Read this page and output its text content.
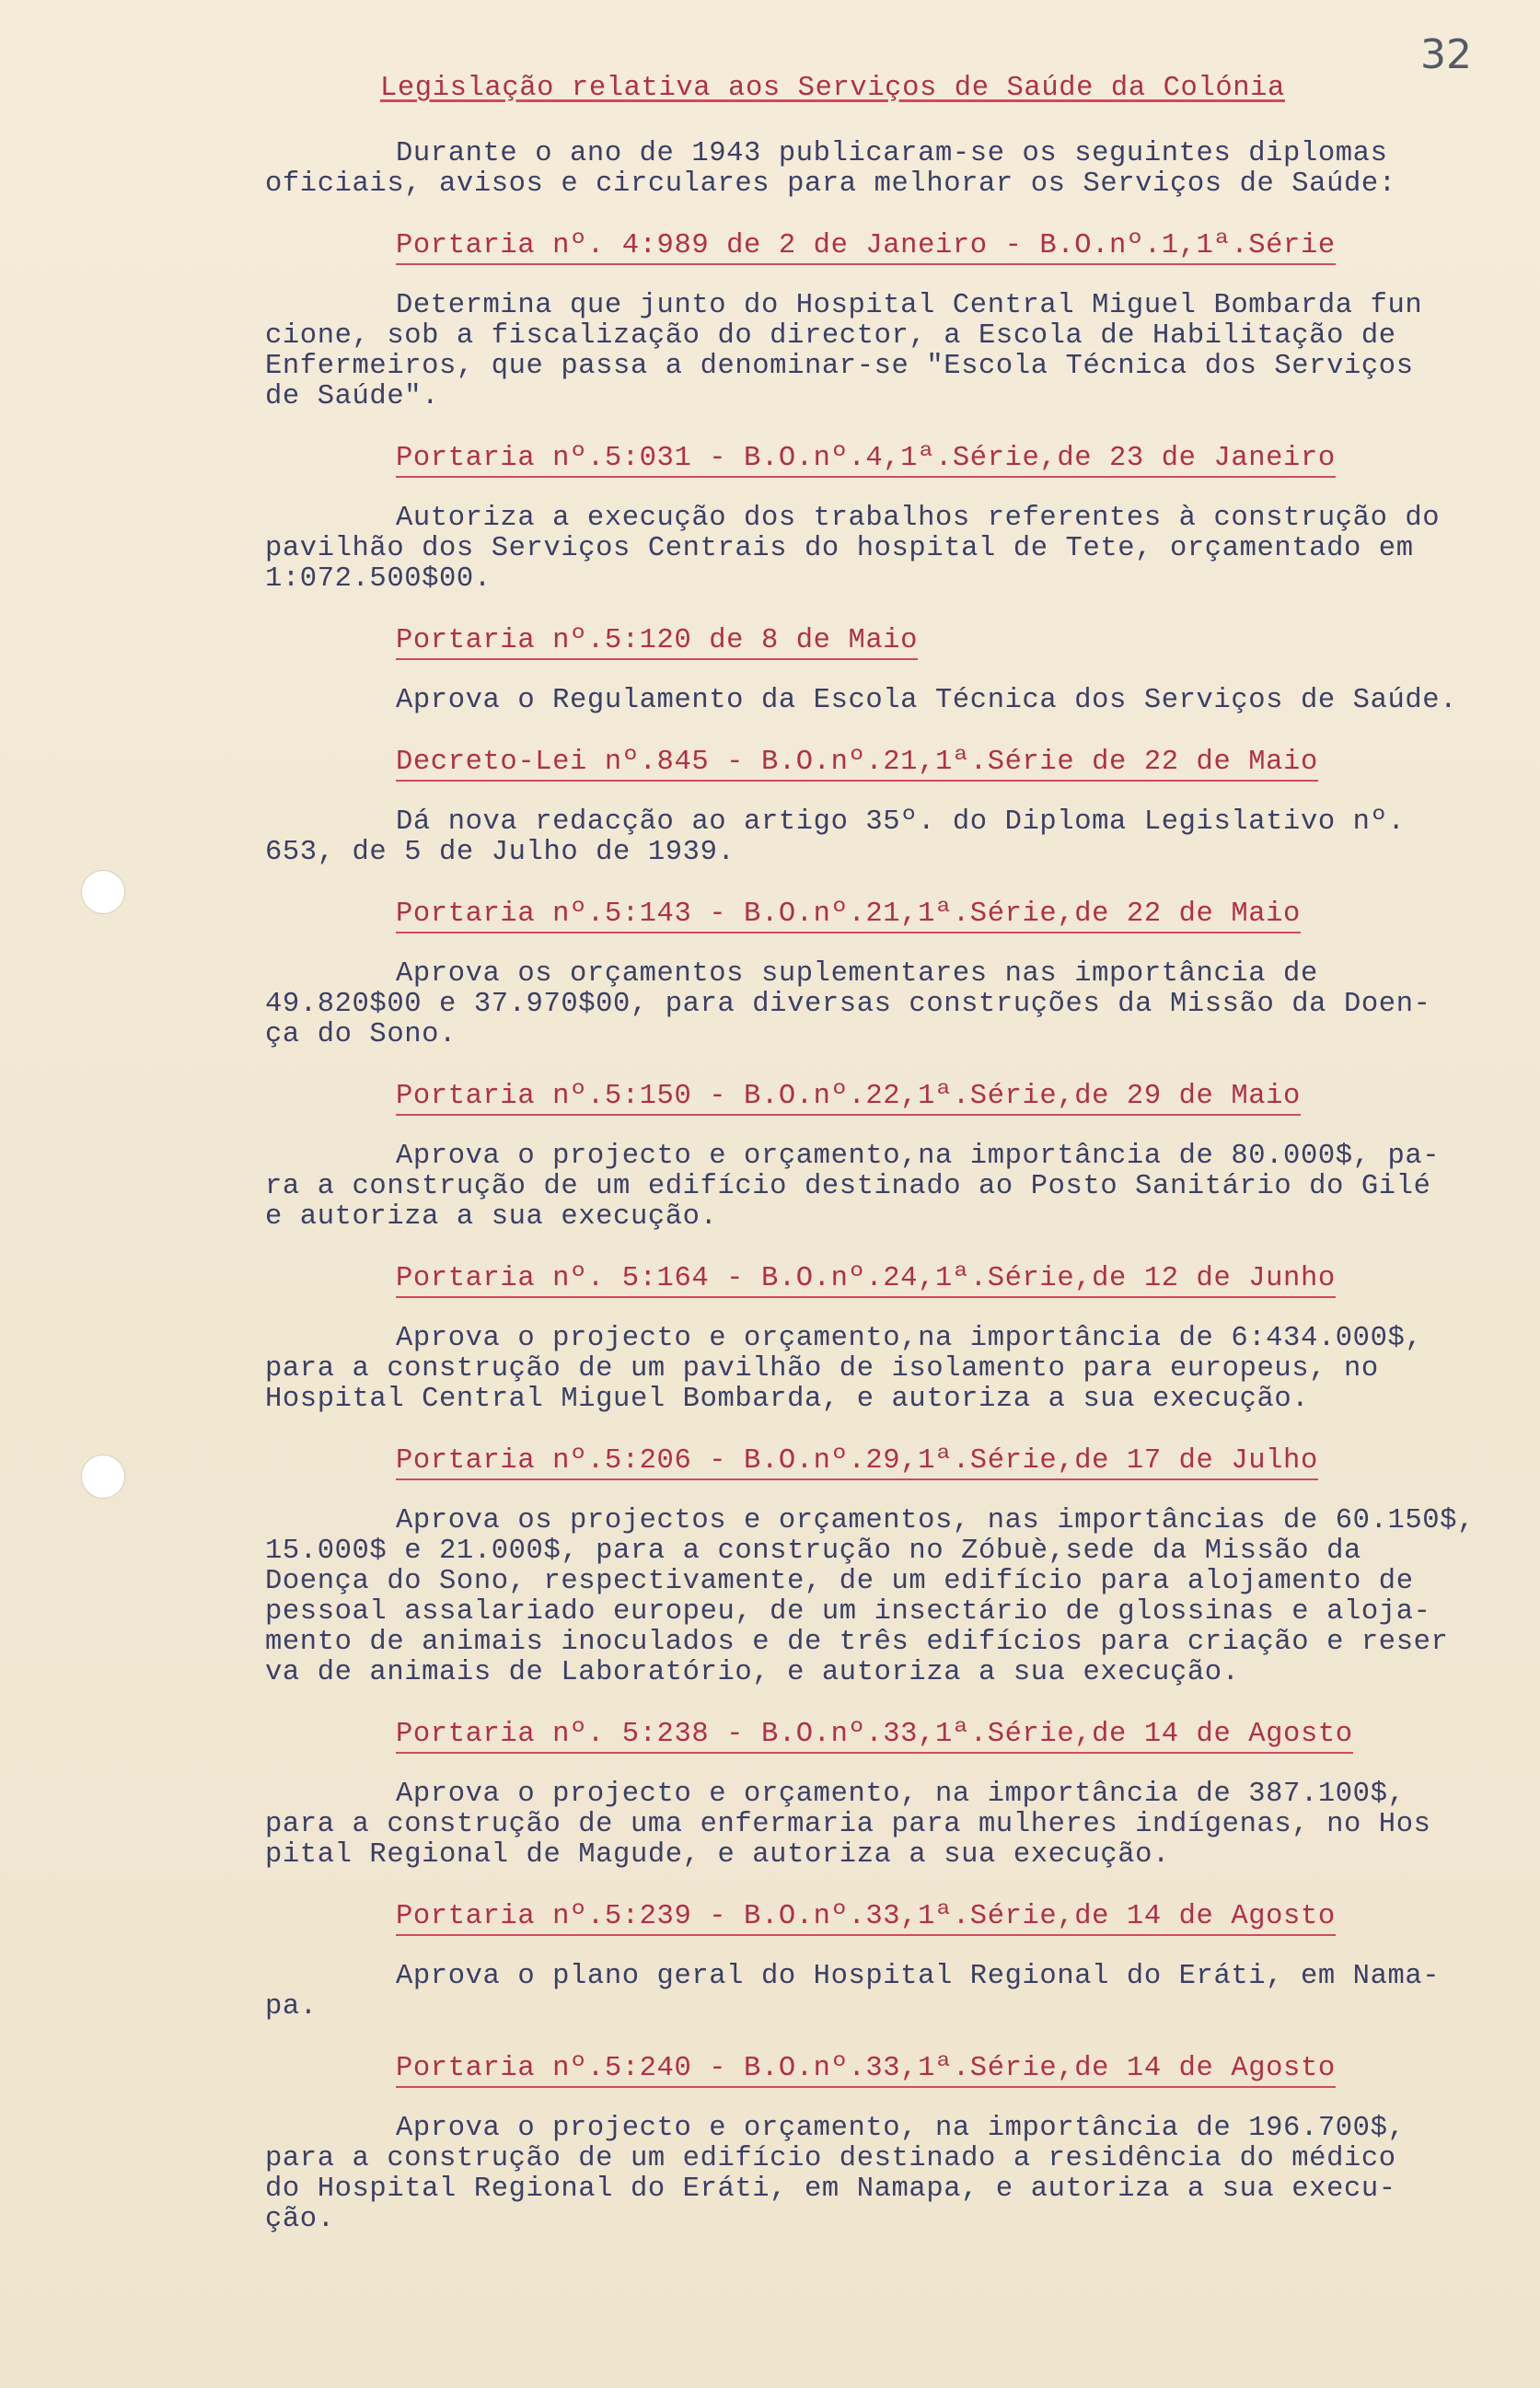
32
Legislação relativa aos Serviços de Saúde da Colónia

Durante o ano de 1943 publicaram-se os seguintes diplomas

oficiais, avisos e circulares para melhorar os Serviços de Saúde:

Portaria nº. 4:989 de 2 de Janeiro - B.O.nº.1,1ª.Série

Determina que junto do Hospital Central Miguel Bombarda fun

cione, sob a fiscalização do director, a Escola de Habilitação de

Enfermeiros, que passa a denominar-se "Escola Técnica dos Serviços

de Saúde".

Portaria nº.5:031 - B.O.nº.4,1ª.Série,de 23 de Janeiro

Autoriza a execução dos trabalhos referentes à construção do

pavilhão dos Serviços Centrais do hospital de Tete, orçamentado em

1:072.500$00.

Portaria nº.5:120 de 8 de Maio

Aprova o Regulamento da Escola Técnica dos Serviços de Saúde.

Decreto-Lei nº.845 - B.O.nº.21,1ª.Série de 22 de Maio

Dá nova redacção ao artigo 35º. do Diploma Legislativo nº.

653, de 5 de Julho de 1939.

Portaria nº.5:143 - B.O.nº.21,1ª.Série,de 22 de Maio

Aprova os orçamentos suplementares nas importância de

49.820$00 e 37.970$00, para diversas construções da Missão da Doen-

ça do Sono.

Portaria nº.5:150 - B.O.nº.22,1ª.Série,de 29 de Maio

Aprova o projecto e orçamento,na importância de 80.000$, pa-

ra a construção de um edifício destinado ao Posto Sanitário do Gilé

e autoriza a sua execução.

Portaria nº. 5:164 - B.O.nº.24,1ª.Série,de 12 de Junho

Aprova o projecto e orçamento,na importância de 6:434.000$,

para a construção de um pavilhão de isolamento para europeus, no

Hospital Central Miguel Bombarda, e autoriza a sua execução.

Portaria nº.5:206 - B.O.nº.29,1ª.Série,de 17 de Julho

Aprova os projectos e orçamentos, nas importâncias de 60.150$,

15.000$ e 21.000$, para a construção no Zóbuè,sede da Missão da

Doença do Sono, respectivamente, de um edifício para alojamento de

pessoal assalariado europeu, de um insectário de glossinas e aloja-

mento de animais inoculados e de três edifícios para criação e reser

va de animais de Laboratório, e autoriza a sua execução.

Portaria nº. 5:238 - B.O.nº.33,1ª.Série,de 14 de Agosto

Aprova o projecto e orçamento, na importância de 387.100$,

para a construção de uma enfermaria para mulheres indígenas, no Hos

pital Regional de Magude, e autoriza a sua execução.

Portaria nº.5:239 - B.O.nº.33,1ª.Série,de 14 de Agosto

Aprova o plano geral do Hospital Regional do Eráti, em Nama-

pa.

Portaria nº.5:240 - B.O.nº.33,1ª.Série,de 14 de Agosto

Aprova o projecto e orçamento, na importância de 196.700$,

para a construção de um edifício destinado a residência do médico

do Hospital Regional do Eráti, em Namapa, e autoriza a sua execu-

ção.
